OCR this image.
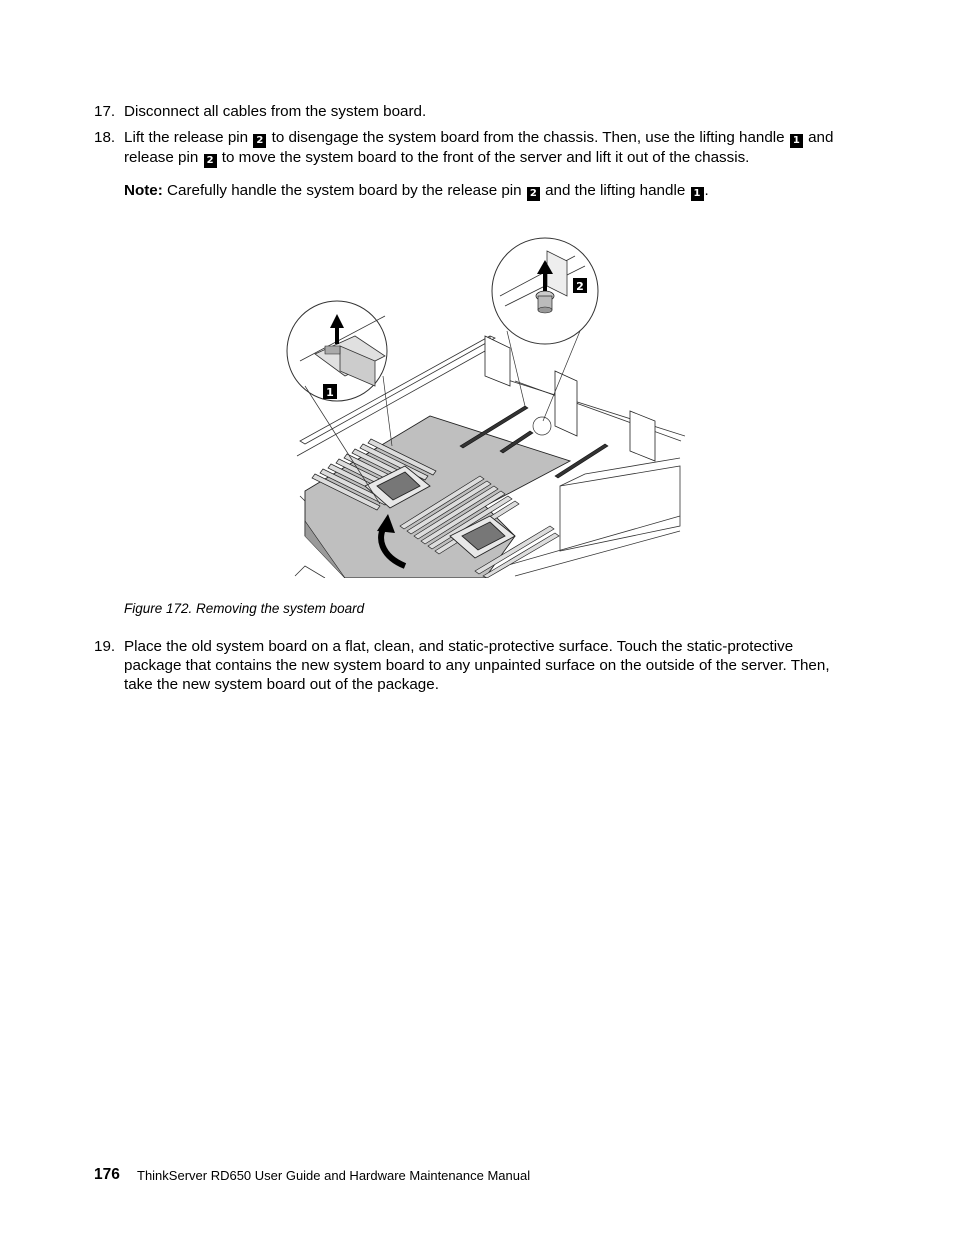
17. Disconnect all cables from the system board.

18. Lift the release pin 2 to disengage the system board from the chassis. Then, use the lifting handle 1 and release pin 2 to move the system board to the front of the server and lift it out of the chassis.

Note: Carefully handle the system board by the release pin 2 and the lifting handle 1 .
1
2
Figure 172. Removing the system board
19. Place the old system board on a flat, clean, and static-protective surface. Touch the static-protective package that contains the new system board to any unpainted surface on the outside of the server. Then, take the new system board out of the package.

176 ThinkServer RD650 User Guide and Hardware Maintenance Manual
